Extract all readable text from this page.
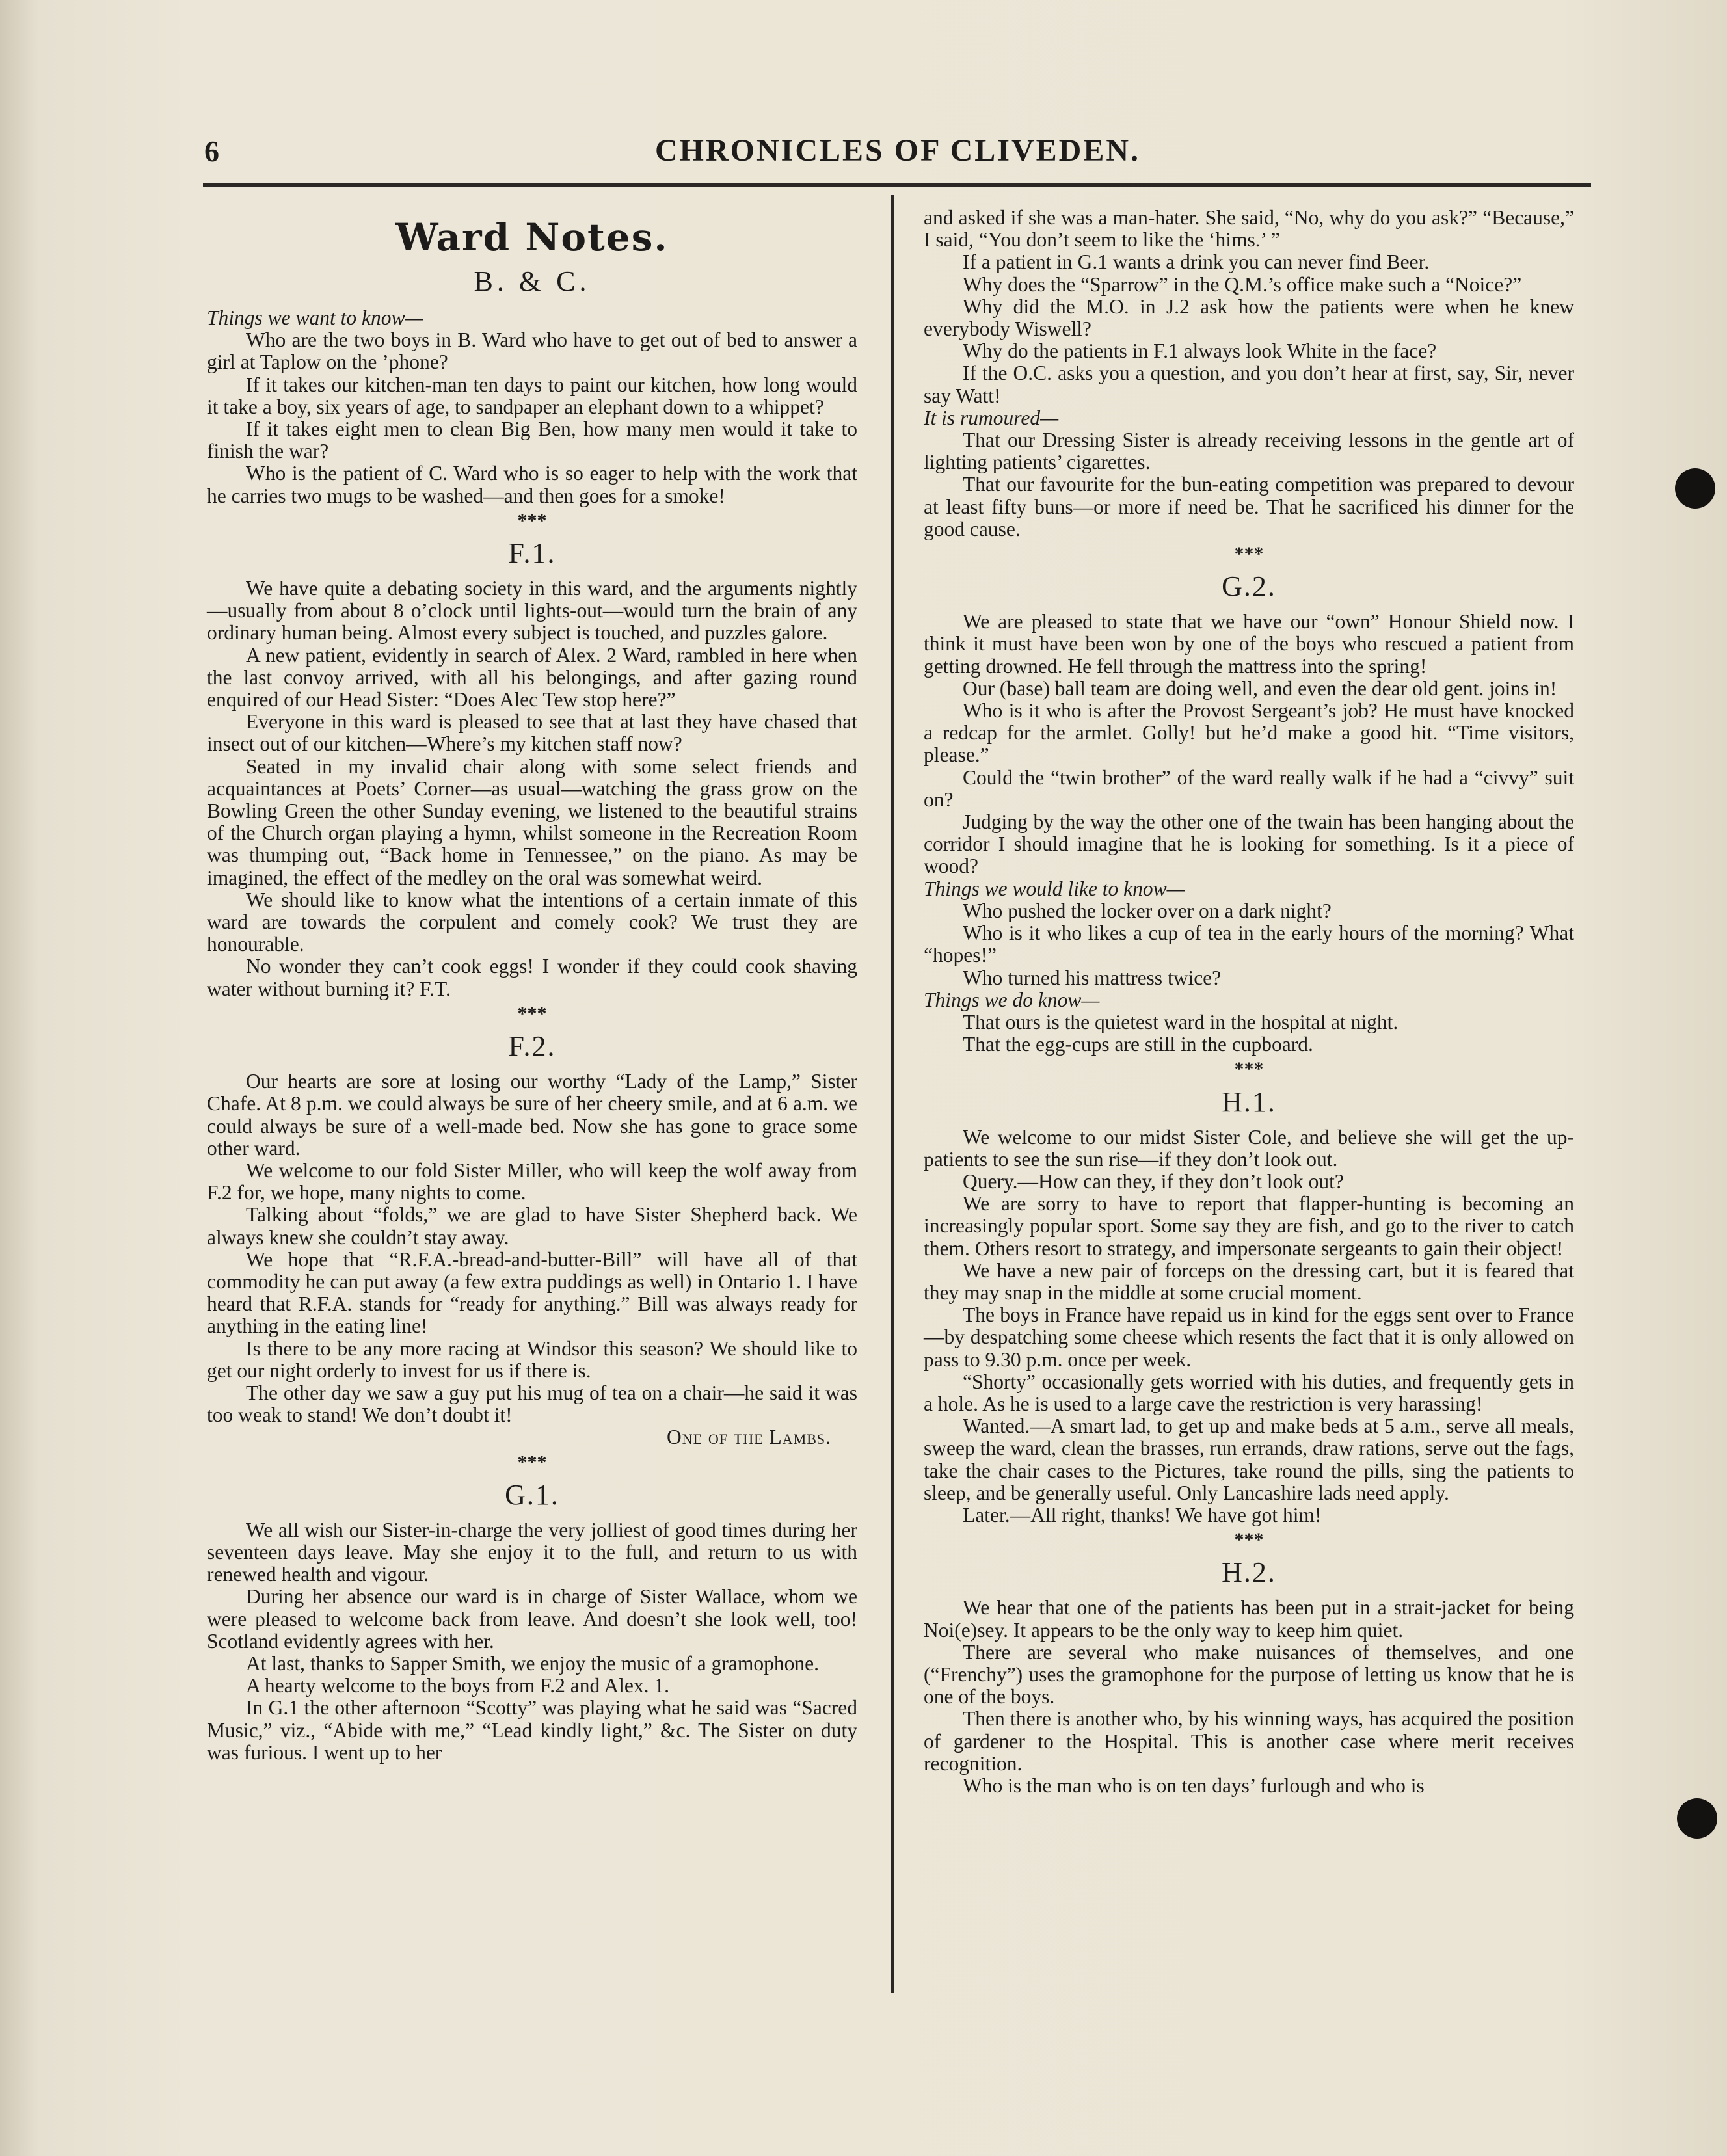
6	CHRONICLES OF CLIVEDEN.
Ward Notes.
B. & C.

Things we want to know—

Who are the two boys in B. Ward who have to get out of bed to answer a girl at Taplow on the ’phone?

If it takes our kitchen-man ten days to paint our kitchen, how long would it take a boy, six years of age, to sandpaper an elephant down to a whippet?

If it takes eight men to clean Big Ben, how many men would it take to finish the war?

Who is the patient of C. Ward who is so eager to help with the work that he carries two mugs to be washed—and then goes for a smoke!

***
F.1.

We have quite a debating society in this ward, and the arguments nightly—usually from about 8 o’clock until lights-out—would turn the brain of any ordinary human being. Almost every subject is touched, and puzzles galore.

A new patient, evidently in search of Alex. 2 Ward, rambled in here when the last convoy arrived, with all his belongings, and after gazing round enquired of our Head Sister: “Does Alec Tew stop here?”

Everyone in this ward is pleased to see that at last they have chased that insect out of our kitchen—Where’s my kitchen staff now?

Seated in my invalid chair along with some select friends and acquaintances at Poets’ Corner—as usual—watching the grass grow on the Bowling Green the other Sunday evening, we listened to the beautiful strains of the Church organ playing a hymn, whilst someone in the Recreation Room was thumping out, “Back home in Tennessee,” on the piano. As may be imagined, the effect of the medley on the oral was somewhat weird.

We should like to know what the intentions of a certain inmate of this ward are towards the corpulent and comely cook? We trust they are honourable.

No wonder they can’t cook eggs! I wonder if they could cook shaving water without burning it? F.T.

***
F.2.

Our hearts are sore at losing our worthy “Lady of the Lamp,” Sister Chafe. At 8 p.m. we could always be sure of her cheery smile, and at 6 a.m. we could always be sure of a well-made bed. Now she has gone to grace some other ward.

We welcome to our fold Sister Miller, who will keep the wolf away from F.2 for, we hope, many nights to come.

Talking about “folds,” we are glad to have Sister Shepherd back. We always knew she couldn’t stay away.

We hope that “R.F.A.-bread-and-butter-Bill” will have all of that commodity he can put away (a few extra puddings as well) in Ontario 1. I have heard that R.F.A. stands for “ready for anything.” Bill was always ready for anything in the eating line!

Is there to be any more racing at Windsor this season? We should like to get our night orderly to invest for us if there is.

The other day we saw a guy put his mug of tea on a chair—he said it was too weak to stand! We don’t doubt it!

One of the Lambs.

***
G.1.

We all wish our Sister-in-charge the very jolliest of good times during her seventeen days leave. May she enjoy it to the full, and return to us with renewed health and vigour.

During her absence our ward is in charge of Sister Wallace, whom we were pleased to welcome back from leave. And doesn’t she look well, too! Scotland evidently agrees with her.

At last, thanks to Sapper Smith, we enjoy the music of a gramophone.

A hearty welcome to the boys from F.2 and Alex. 1.

In G.1 the other afternoon “Scotty” was playing what he said was “Sacred Music,” viz., “Abide with me,” “Lead kindly light,” &c. The Sister on duty was furious. I went up to her

and asked if she was a man-hater. She said, “No, why do you ask?” “Because,” I said, “You don’t seem to like the ‘hims.’ ”

If a patient in G.1 wants a drink you can never find Beer.

Why does the “Sparrow” in the Q.M.’s office make such a “Noice?”

Why did the M.O. in J.2 ask how the patients were when he knew everybody Wiswell?

Why do the patients in F.1 always look White in the face?

If the O.C. asks you a question, and you don’t hear at first, say, Sir, never say Watt!

It is rumoured—

That our Dressing Sister is already receiving lessons in the gentle art of lighting patients’ cigarettes.

That our favourite for the bun-eating competition was prepared to devour at least fifty buns—or more if need be. That he sacrificed his dinner for the good cause.

***
G.2.

We are pleased to state that we have our “own” Honour Shield now. I think it must have been won by one of the boys who rescued a patient from getting drowned. He fell through the mattress into the spring!

Our (base) ball team are doing well, and even the dear old gent. joins in!

Who is it who is after the Provost Sergeant’s job? He must have knocked a redcap for the armlet. Golly! but he’d make a good hit. “Time visitors, please.”

Could the “twin brother” of the ward really walk if he had a “civvy” suit on?

Judging by the way the other one of the twain has been hanging about the corridor I should imagine that he is looking for something. Is it a piece of wood?

Things we would like to know—

Who pushed the locker over on a dark night?

Who is it who likes a cup of tea in the early hours of the morning? What “hopes!”

Who turned his mattress twice?

Things we do know—

That ours is the quietest ward in the hospital at night.

That the egg-cups are still in the cupboard.

***
H.1.

We welcome to our midst Sister Cole, and believe she will get the up-patients to see the sun rise—if they don’t look out.

Query.—How can they, if they don’t look out?

We are sorry to have to report that flapper-hunting is becoming an increasingly popular sport. Some say they are fish, and go to the river to catch them. Others resort to strategy, and impersonate sergeants to gain their object!

We have a new pair of forceps on the dressing cart, but it is feared that they may snap in the middle at some crucial moment.

The boys in France have repaid us in kind for the eggs sent over to France—by despatching some cheese which resents the fact that it is only allowed on pass to 9.30 p.m. once per week.

“Shorty” occasionally gets worried with his duties, and frequently gets in a hole. As he is used to a large cave the restriction is very harassing!

Wanted.—A smart lad, to get up and make beds at 5 a.m., serve all meals, sweep the ward, clean the brasses, run errands, draw rations, serve out the fags, take the chair cases to the Pictures, take round the pills, sing the patients to sleep, and be generally useful. Only Lancashire lads need apply.

Later.—All right, thanks! We have got him!

***
H.2.

We hear that one of the patients has been put in a strait-jacket for being Noi(e)sey. It appears to be the only way to keep him quiet.

There are several who make nuisances of themselves, and one (“Frenchy”) uses the gramophone for the purpose of letting us know that he is one of the boys.

Then there is another who, by his winning ways, has acquired the position of gardener to the Hospital. This is another case where merit receives recognition.

Who is the man who is on ten days’ furlough and who is
